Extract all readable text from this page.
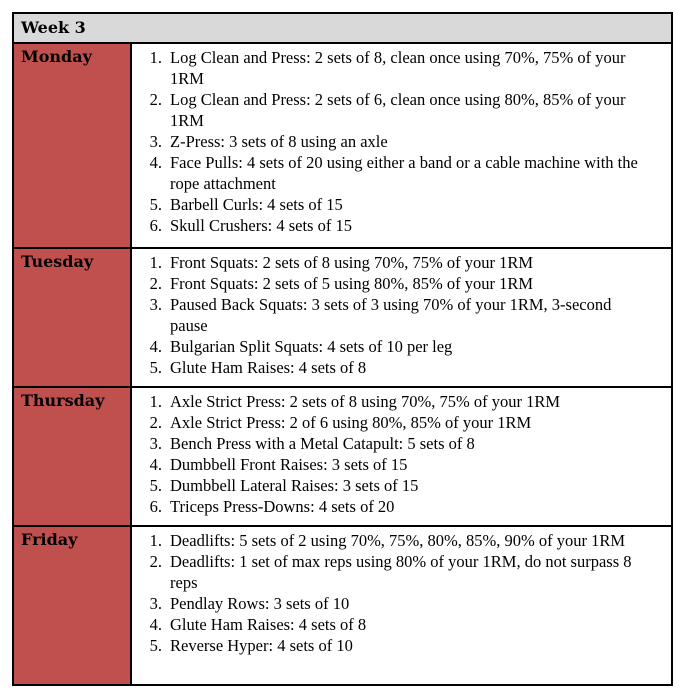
Week 3
Monday	1. Log Clean and Press: 2 sets of 8, clean once using 70%, 75% of your 1RM
2. Log Clean and Press: 2 sets of 6, clean once using 80%, 85% of your 1RM
3. Z-Press: 3 sets of 8 using an axle
4. Face Pulls: 4 sets of 20 using either a band or a cable machine with the rope attachment
5. Barbell Curls: 4 sets of 15
6. Skull Crushers: 4 sets of 15
Tuesday	1. Front Squats: 2 sets of 8 using 70%, 75% of your 1RM
2. Front Squats: 2 sets of 5 using 80%, 85% of your 1RM
3. Paused Back Squats: 3 sets of 3 using 70% of your 1RM, 3-second pause
4. Bulgarian Split Squats: 4 sets of 10 per leg
5. Glute Ham Raises: 4 sets of 8
Thursday	1. Axle Strict Press: 2 sets of 8 using 70%, 75% of your 1RM
2. Axle Strict Press: 2 of 6 using 80%, 85% of your 1RM
3. Bench Press with a Metal Catapult: 5 sets of 8
4. Dumbbell Front Raises: 3 sets of 15
5. Dumbbell Lateral Raises: 3 sets of 15
6. Triceps Press-Downs: 4 sets of 20
Friday	1. Deadlifts: 5 sets of 2 using 70%, 75%, 80%, 85%, 90% of your 1RM
2. Deadlifts: 1 set of max reps using 80% of your 1RM, do not surpass 8 reps
3. Pendlay Rows: 3 sets of 10
4. Glute Ham Raises: 4 sets of 8
5. Reverse Hyper: 4 sets of 10
